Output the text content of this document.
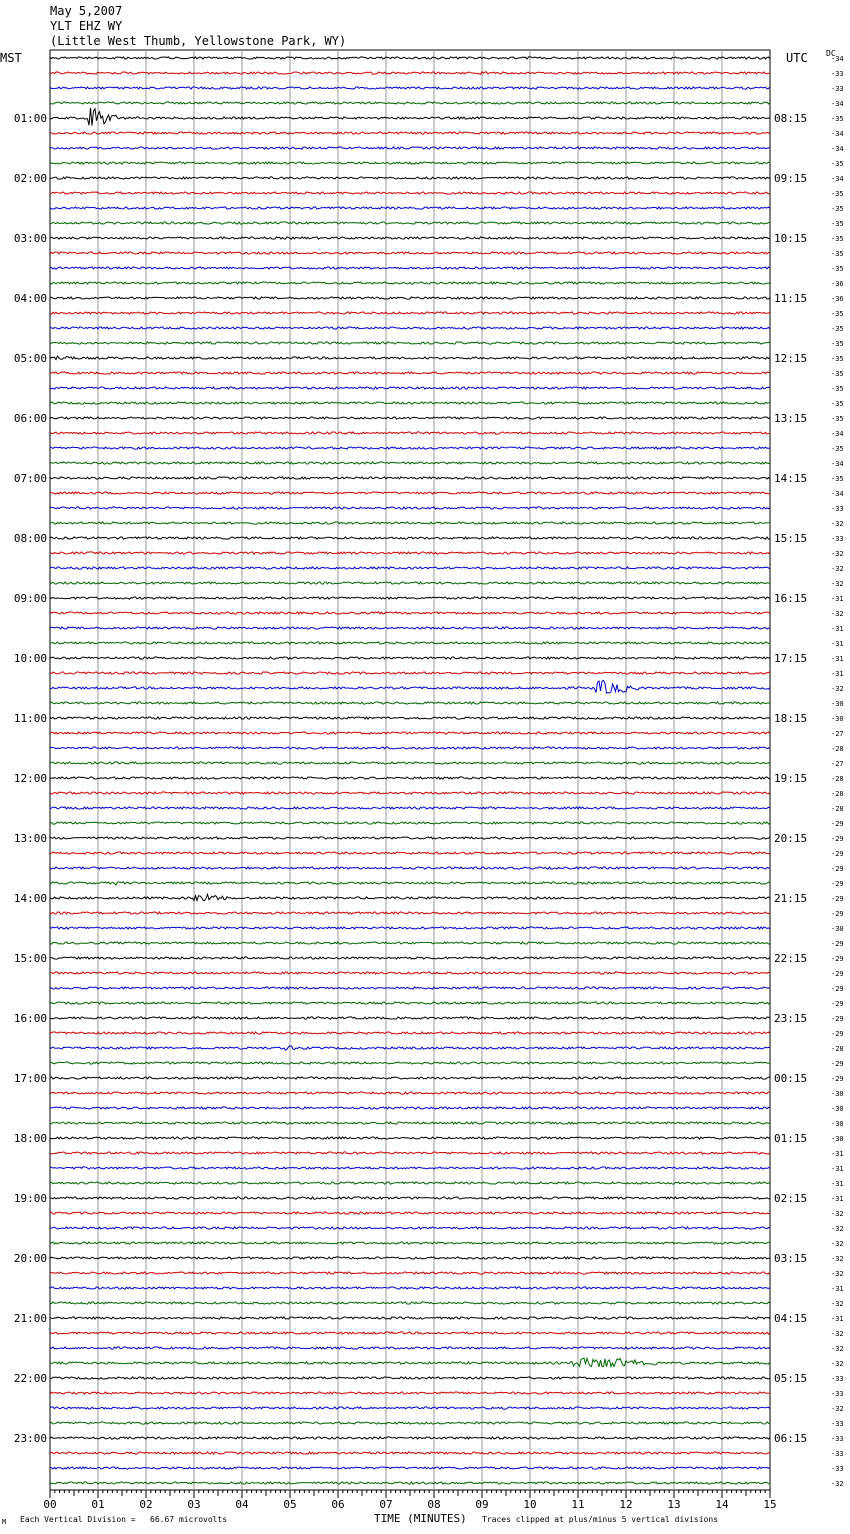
May 5,2007
YLT EHZ WY
(Little West Thumb, Yellowstone Park, WY)
MST	UTC DC
-34
-33
-33
-34
-35
-34
-34
-35
-34
-35
-35
-35
-35
-35
-35
-36
-36
-35
-35
-35
-35
-35
-35
-35
-35
-34
-35
-34
-35
-34
-33
-32
-33
-32
-32
-32
-31
-32
-31
-31
-31
-31
-32
-30
-30
-27
-28
-27
-28
-28
-28
-29
-29
-29
-29
-29
-29
-29
-30
-29
-29
-29
-29
-29
-29
-29
-28
-29
-29
-30
-30
-30
-30
-31
-31
-31
-31
-32
-32
-32
-32
-32
-31
-32
-31
-32
-32
-32
-33
-33
-32
-33
-33
-33
-33
-32
01:00
02:00
03:00
04:00
05:00
06:00
07:00
08:00
09:00
10:00
11:00
12:00
13:00
14:00
15:00
16:00
17:00
18:00
19:00
20:00
21:00
22:00
23:00
08:15
09:15
10:15
11:15
12:15
13:15
14:15
15:15
16:15
17:15
18:15
19:15
20:15
21:15
22:15
23:15
00:15
01:15
02:15
03:15
04:15
05:15
06:15
00	01	02	03	04	05	06	07	08	09	10	11	12	13	14	15
M Each Vertical Division =   66.67 microvolts	TIME (MINUTES) Traces clipped at plus/minus 5 vertical divisions
